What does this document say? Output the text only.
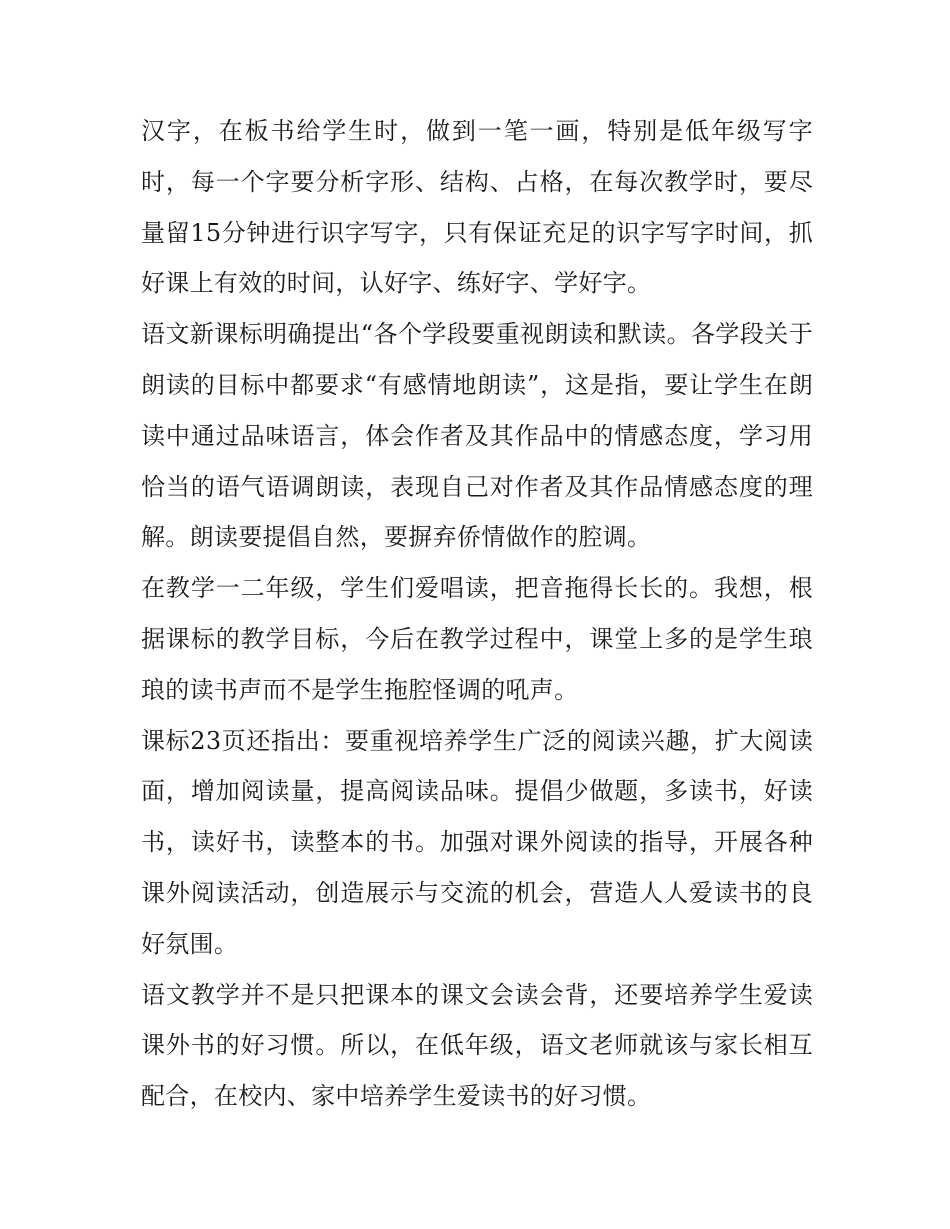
汉字，在板书给学生时，做到一笔一画，特别是低年级写字时，每一个字要分析字形、结构、占格，在每次教学时，要尽量留15分钟进行识字写字，只有保证充足的识字写字时间，抓好课上有效的时间，认好字、练好字、学好字。

语文新课标明确提出“各个学段要重视朗读和默读。各学段关于朗读的目标中都要求“有感情地朗读”，这是指，要让学生在朗读中通过品味语言，体会作者及其作品中的情感态度，学习用恰当的语气语调朗读，表现自己对作者及其作品情感态度的理解。朗读要提倡自然，要摒弃侨情做作的腔调。

在教学一二年级，学生们爱唱读，把音拖得长长的。我想，根据课标的教学目标，今后在教学过程中，课堂上多的是学生琅琅的读书声而不是学生拖腔怪调的吼声。

课标23页还指出：要重视培养学生广泛的阅读兴趣，扩大阅读面，增加阅读量，提高阅读品味。提倡少做题，多读书，好读书，读好书，读整本的书。加强对课外阅读的指导，开展各种课外阅读活动，创造展示与交流的机会，营造人人爱读书的良好氛围。

语文教学并不是只把课本的课文会读会背，还要培养学生爱读课外书的好习惯。所以，在低年级，语文老师就该与家长相互配合，在校内、家中培养学生爱读书的好习惯。
